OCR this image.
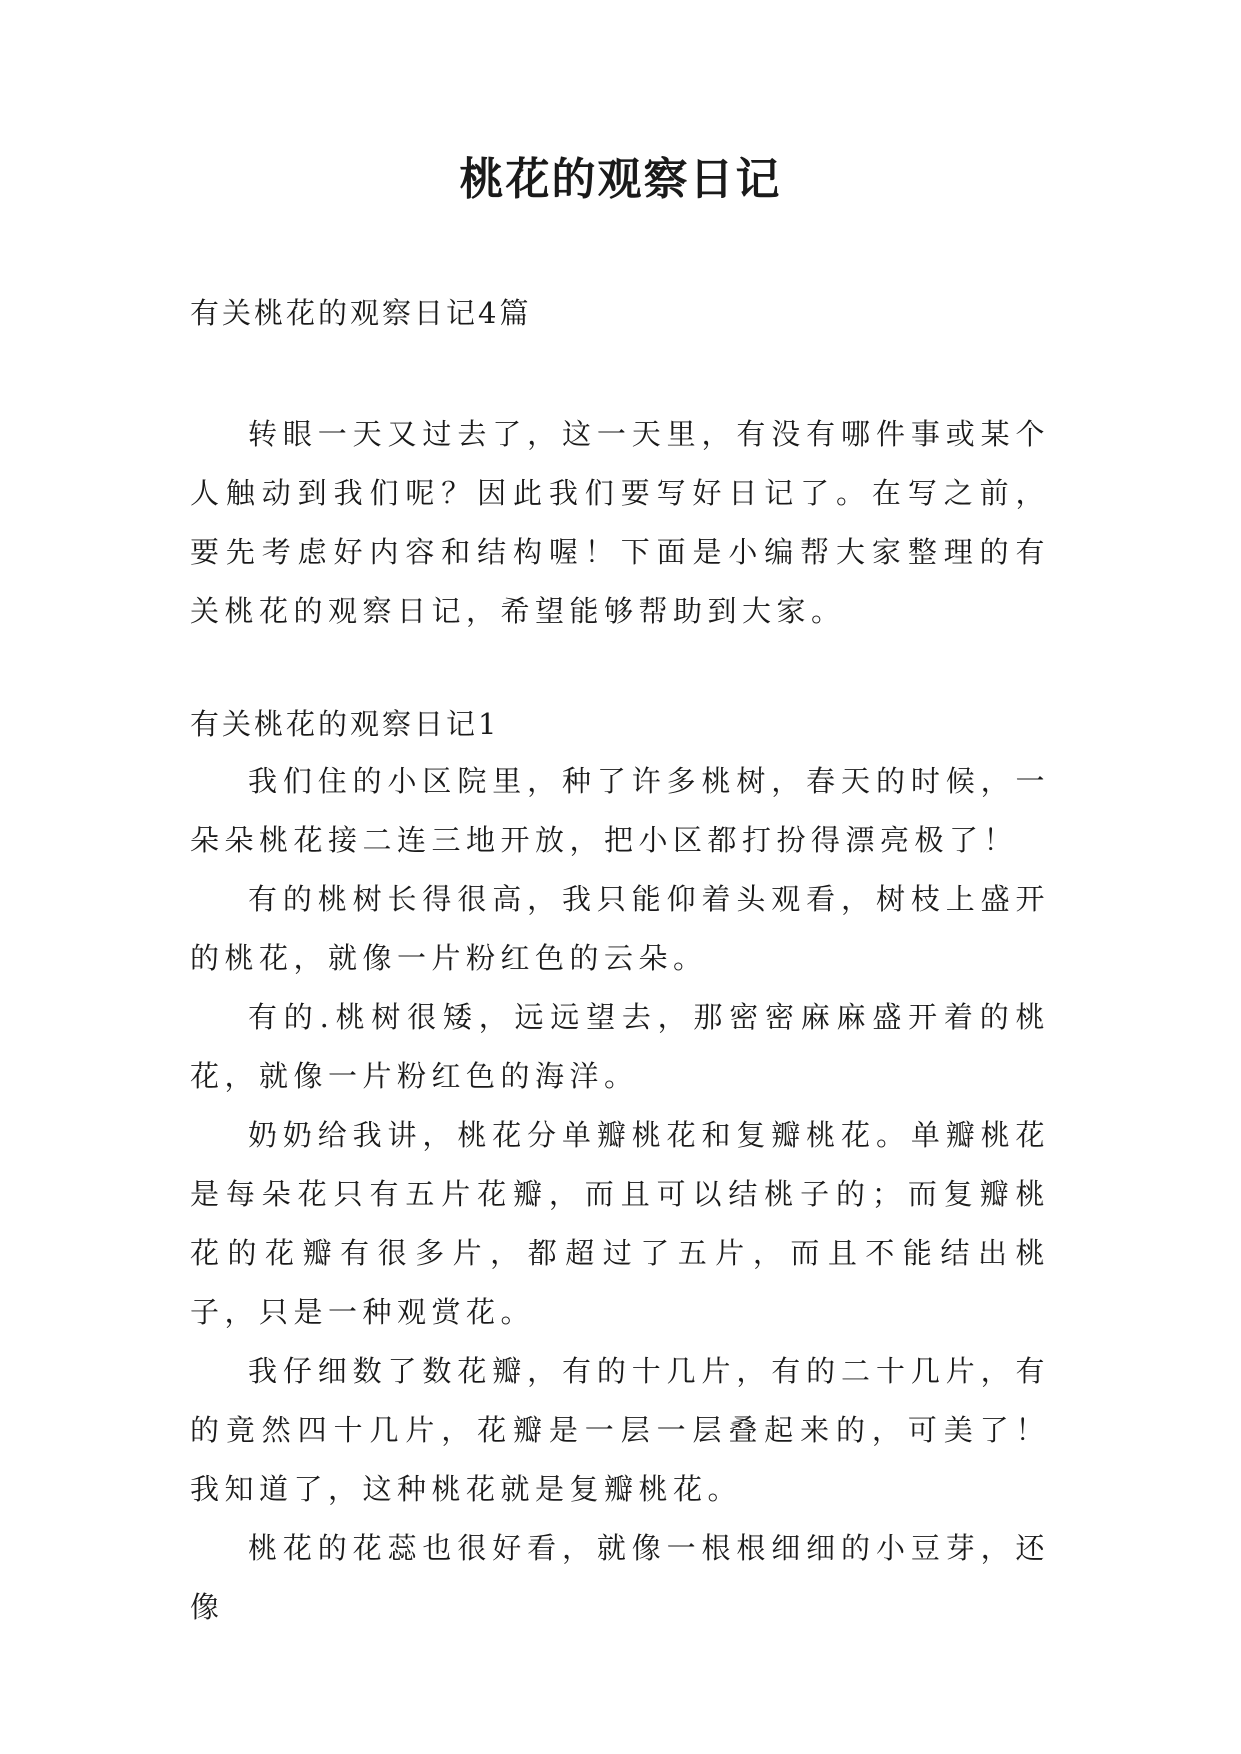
桃花的观察日记
有关桃花的观察日记4篇

转眼一天又过去了，这一天里，有没有哪件事或某个人触动到我们呢？因此我们要写好日记了。在写之前，要先考虑好内容和结构喔！下面是小编帮大家整理的有关桃花的观察日记，希望能够帮助到大家。

有关桃花的观察日记1

我们住的小区院里，种了许多桃树，春天的时候，一朵朵桃花接二连三地开放，把小区都打扮得漂亮极了！

有的桃树长得很高，我只能仰着头观看，树枝上盛开的桃花，就像一片粉红色的云朵。

有的.桃树很矮，远远望去，那密密麻麻盛开着的桃花，就像一片粉红色的海洋。

奶奶给我讲，桃花分单瓣桃花和复瓣桃花。单瓣桃花是每朵花只有五片花瓣，而且可以结桃子的；而复瓣桃花的花瓣有很多片，都超过了五片，而且不能结出桃子，只是一种观赏花。

我仔细数了数花瓣，有的十几片，有的二十几片，有的竟然四十几片，花瓣是一层一层叠起来的，可美了！我知道了，这种桃花就是复瓣桃花。

桃花的花蕊也很好看，就像一根根细细的小豆芽，还像
